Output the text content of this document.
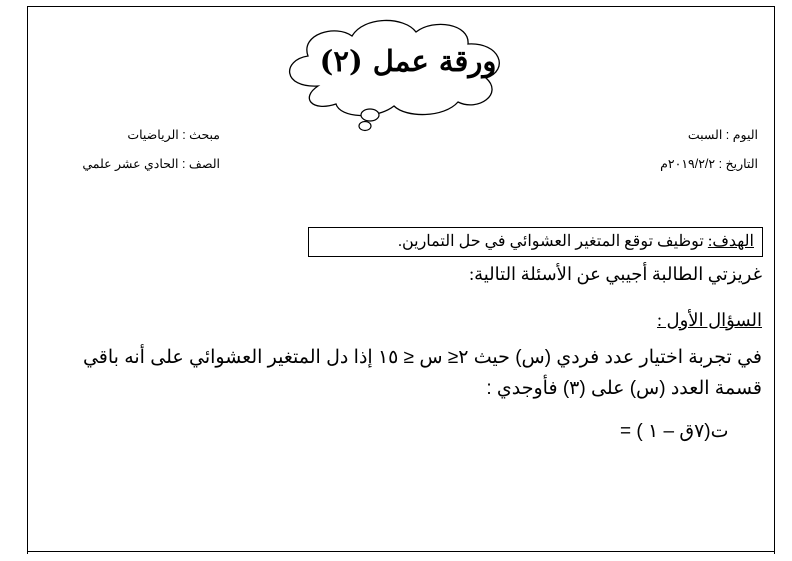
ورقة عمل (٢)
اليوم : السبت
التاريخ : ٢٠١٩/٢/٢م
مبحث : الرياضيات
الصف : الحادي عشر علمي
الهدف: توظيف توقع المتغير العشوائي في حل التمارين.
غريزتي الطالبة أجيبي عن الأسئلة التالية:
السؤال الأول :
في تجربة اختيار عدد فردي (س) حيث ٢≤ س ≤ ١٥ إذا دل المتغير العشوائي على أنه باقي
قسمة العدد (س) على (٣) فأوجدي :
ت(٧ق – ١ ) =
